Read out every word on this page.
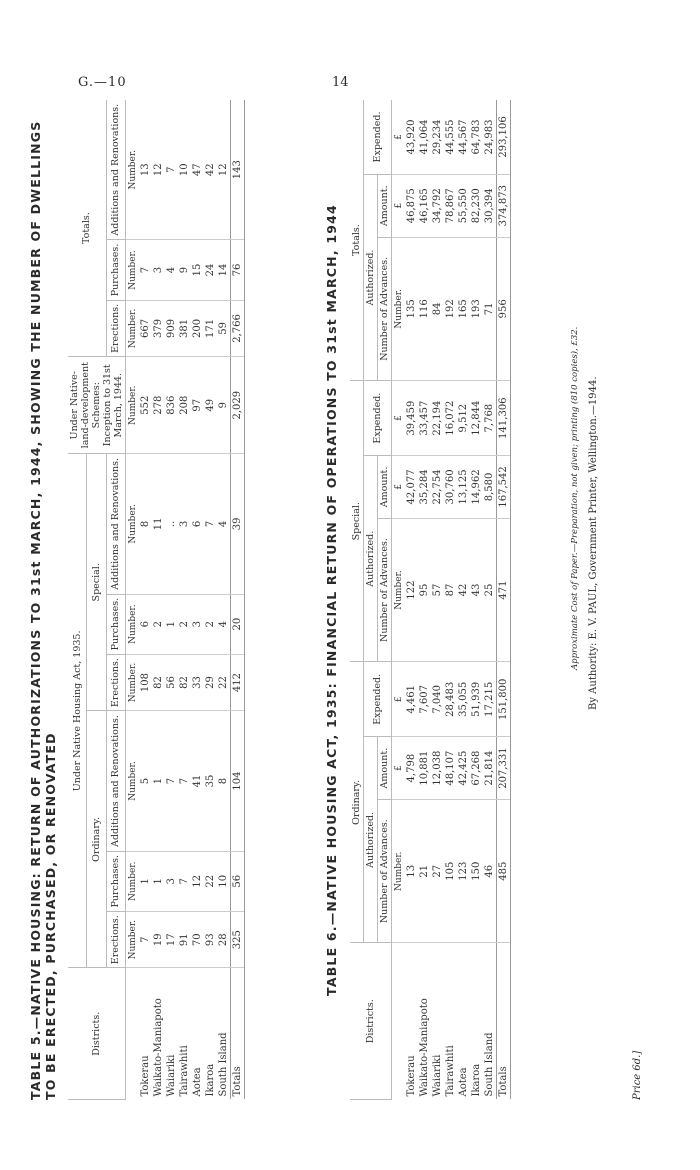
G.—10	14
TABLE 5.—NATIVE HOUSING: RETURN OF AUTHORIZATIONS TO 31st MARCH, 1944, SHOWING THE NUMBER OF DWELLINGS TO BE ERECTED, PURCHASED, OR RENOVATED	Districts.	Under Native Housing Act, 1935.						Under Native-land-development Schemes: Inception to 31st March, 1944.	Totals.		
	Ordinary.			Special.						
	Erections.	Purchases.	Additions and Renovations.	Erections.	Purchases.	Additions and Renovations.		Erections.	Purchases.	Additions and Renovations.
	Number.	Number.	Number.	Number.	Number.	Number.	Number.	Number.	Number.	Number.
Tokerau	7	1	5	108	6	8	552	667	7	13
Waikato-Maniapoto	19	1	1	82	2	11	278	379	3	12
Waiariki	17	3	7	56	1	..	836	909	4	7
Tairawhiti	91	7	7	82	2	3	208	381	9	10
Aotea	70	12	41	33	3	6	97	200	15	47
Ikaroa	93	22	35	29	2	7	49	171	24	42
South Island	28	10	8	22	4	4	9	59	14	12
Totals	325	56	104	412	20	39	2,029	2,766	76	143
TABLE 6.—NATIVE HOUSING ACT, 1935: FINANCIAL RETURN OF OPERATIONS TO 31st MARCH, 1944
Districts.	Ordinary.			Special.			Totals.		
	Authorized.		Expended.	Authorized.		Expended.	Authorized.		Expended.
	Number of Advances.	Amount.		Number of Advances.	Amount.		Number of Advances.	Amount.	
	Number.	£	£	Number.	£	£	Number.	£	£
Tokerau	13	4,798	4,461	122	42,077	39,459	135	46,875	43,920
Waikato-Maniapoto	21	10,881	7,607	95	35,284	33,457	116	46,165	41,064
Waiariki	27	12,038	7,040	57	22,754	22,194	84	34,792	29,234
Tairawhiti	105	48,107	28,483	87	30,760	16,072	192	78,867	44,555
Aotea	123	42,425	35,055	42	13,125	9,512	165	55,550	44,567
Ikaroa	150	67,268	51,939	43	14,962	12,844	193	82,230	64,783
South Island	46	21,814	17,215	25	8,580	7,768	71	30,394	24,983
Totals	485	207,331	151,800	471	167,542	141,306	956	374,873	293,106
Approximate Cost of Paper.—Preparation, not given; printing (810 copies), £32. By Authority: E. V. PAUL, Government Printer, Wellington.—1944.
Price 6d.]
